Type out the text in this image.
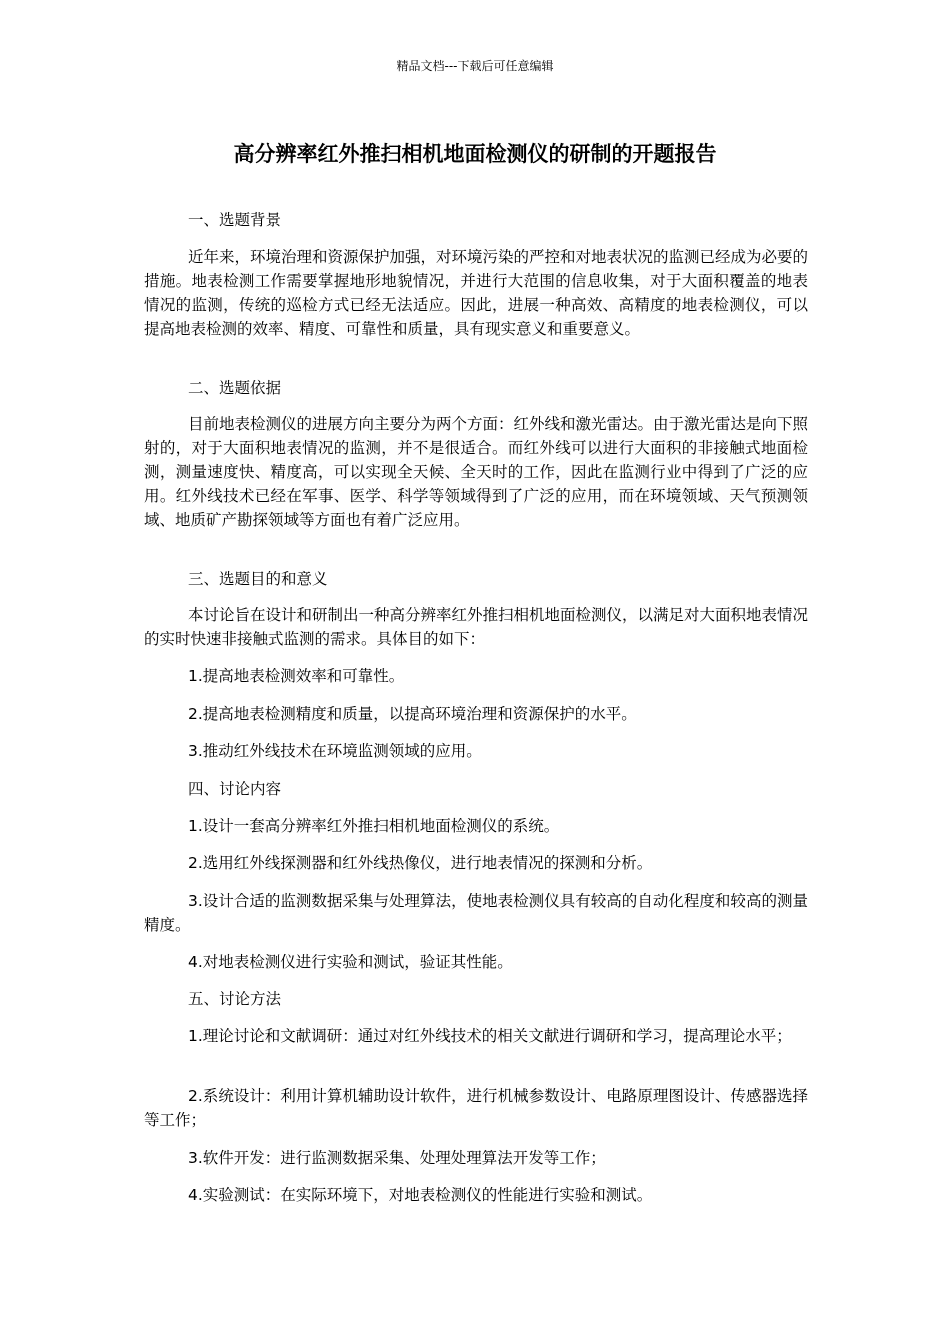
精品文档---下载后可任意编辑
高分辨率红外推扫相机地面检测仪的研制的开题报告

一、选题背景

近年来，环境治理和资源保护加强，对环境污染的严控和对地表状况的监测已经成为必要的措施。地表检测工作需要掌握地形地貌情况，并进行大范围的信息收集，对于大面积覆盖的地表情况的监测，传统的巡检方式已经无法适应。因此，进展一种高效、高精度的地表检测仪，可以提高地表检测的效率、精度、可靠性和质量，具有现实意义和重要意义。

二、选题依据

目前地表检测仪的进展方向主要分为两个方面：红外线和激光雷达。由于激光雷达是向下照射的，对于大面积地表情况的监测，并不是很适合。而红外线可以进行大面积的非接触式地面检测，测量速度快、精度高，可以实现全天候、全天时的工作，因此在监测行业中得到了广泛的应用。红外线技术已经在军事、医学、科学等领域得到了广泛的应用，而在环境领域、天气预测领域、地质矿产勘探领域等方面也有着广泛应用。

三、选题目的和意义

本讨论旨在设计和研制出一种高分辨率红外推扫相机地面检测仪，以满足对大面积地表情况的实时快速非接触式监测的需求。具体目的如下：

1.提高地表检测效率和可靠性。

2.提高地表检测精度和质量，以提高环境治理和资源保护的水平。

3.推动红外线技术在环境监测领域的应用。

四、讨论内容

1.设计一套高分辨率红外推扫相机地面检测仪的系统。

2.选用红外线探测器和红外线热像仪，进行地表情况的探测和分析。

3.设计合适的监测数据采集与处理算法，使地表检测仪具有较高的自动化程度和较高的测量精度。

4.对地表检测仪进行实验和测试，验证其性能。

五、讨论方法

1.理论讨论和文献调研：通过对红外线技术的相关文献进行调研和学习，提高理论水平；

2.系统设计：利用计算机辅助设计软件，进行机械参数设计、电路原理图设计、传感器选择等工作；

3.软件开发：进行监测数据采集、处理处理算法开发等工作；

4.实验测试：在实际环境下，对地表检测仪的性能进行实验和测试。
